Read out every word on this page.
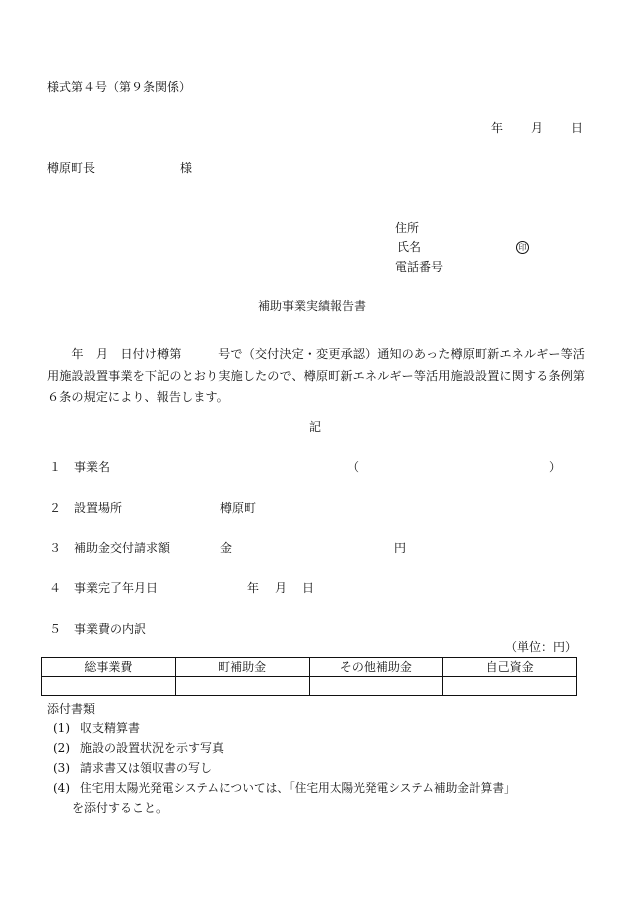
様式第４号（第９条関係）
年 月 日
樽原町長	様
住所
氏名	印
電話番号
補助事業実績報告書

年　月　日付け樽第　　　号で（交付決定・変更承認）通知のあった樽原町新エネルギー等活用施設設置事業を下記のとおり実施したので、樽原町新エネルギー等活用施設設置に関する条例第６条の規定により、報告します。

記
１ 事業名	（	）
２ 設置場所	樽原町
３ 補助金交付請求額	金	円
４ 事業完了年月日	年 月 日
５ 事業費の内訳
（単位：円）
総事業費	町補助金	その他補助金	自己資金

添付書類
(1) 収支精算書
(2) 施設の設置状況を示す写真
(3) 請求書又は領収書の写し
(4) 住宅用太陽光発電システムについては、「住宅用太陽光発電システム補助金計算書」
を添付すること。
